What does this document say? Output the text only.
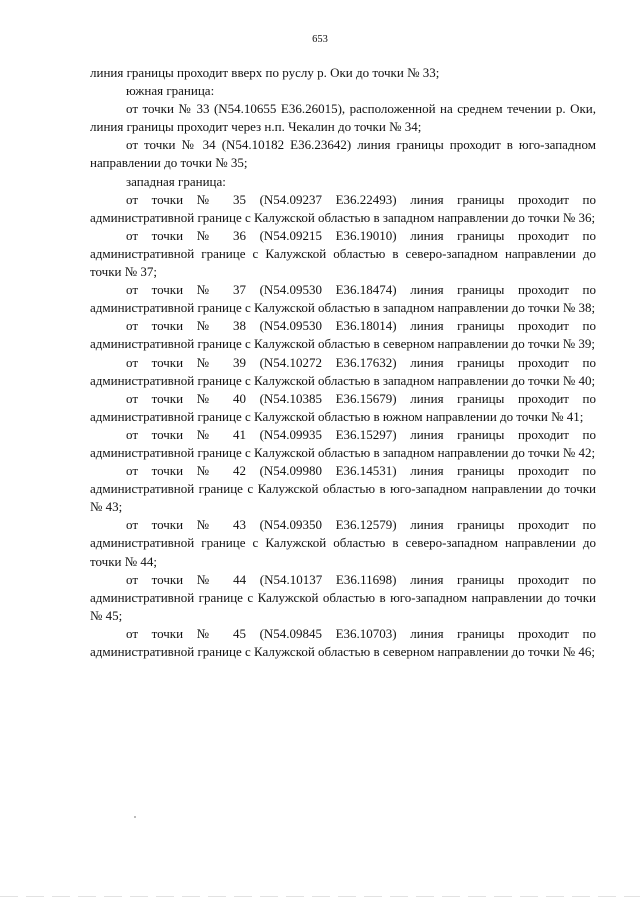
653

линия границы проходит вверх по руслу р. Оки до точки № 33;

южная граница:

от точки № 33 (N54.10655 E36.26015), расположенной на среднем течении р. Оки, линия границы проходит через н.п. Чекалин до точки № 34;

от точки № 34 (N54.10182 E36.23642) линия границы проходит в юго-западном направлении до точки № 35;

западная граница:

от точки № 35 (N54.09237 E36.22493) линия границы проходит по административной границе с Калужской областью в западном направлении до точки № 36;

от точки № 36 (N54.09215 E36.19010) линия границы проходит по административной границе с Калужской областью в северо-западном направлении до точки № 37;

от точки № 37 (N54.09530 E36.18474) линия границы проходит по административной границе с Калужской областью в западном направлении до точки № 38;

от точки № 38 (N54.09530 E36.18014) линия границы проходит по административной границе с Калужской областью в северном направлении до точки № 39;

от точки № 39 (N54.10272 E36.17632) линия границы проходит по административной границе с Калужской областью в западном направлении до точки № 40;

от точки № 40 (N54.10385 E36.15679) линия границы проходит по административной границе с Калужской областью в южном направлении до точки № 41;

от точки № 41 (N54.09935 E36.15297) линия границы проходит по административной границе с Калужской областью в западном направлении до точки № 42;

от точки № 42 (N54.09980 E36.14531) линия границы проходит по административной границе с Калужской областью в юго-западном направлении до точки № 43;

от точки № 43 (N54.09350 E36.12579) линия границы проходит по административной границе с Калужской областью в северо-западном направлении до точки № 44;

от точки № 44 (N54.10137 E36.11698) линия границы проходит по административной границе с Калужской областью в юго-западном направлении до точки № 45;

от точки № 45 (N54.09845 E36.10703) линия границы проходит по административной границе с Калужской областью в северном направлении до точки № 46;
